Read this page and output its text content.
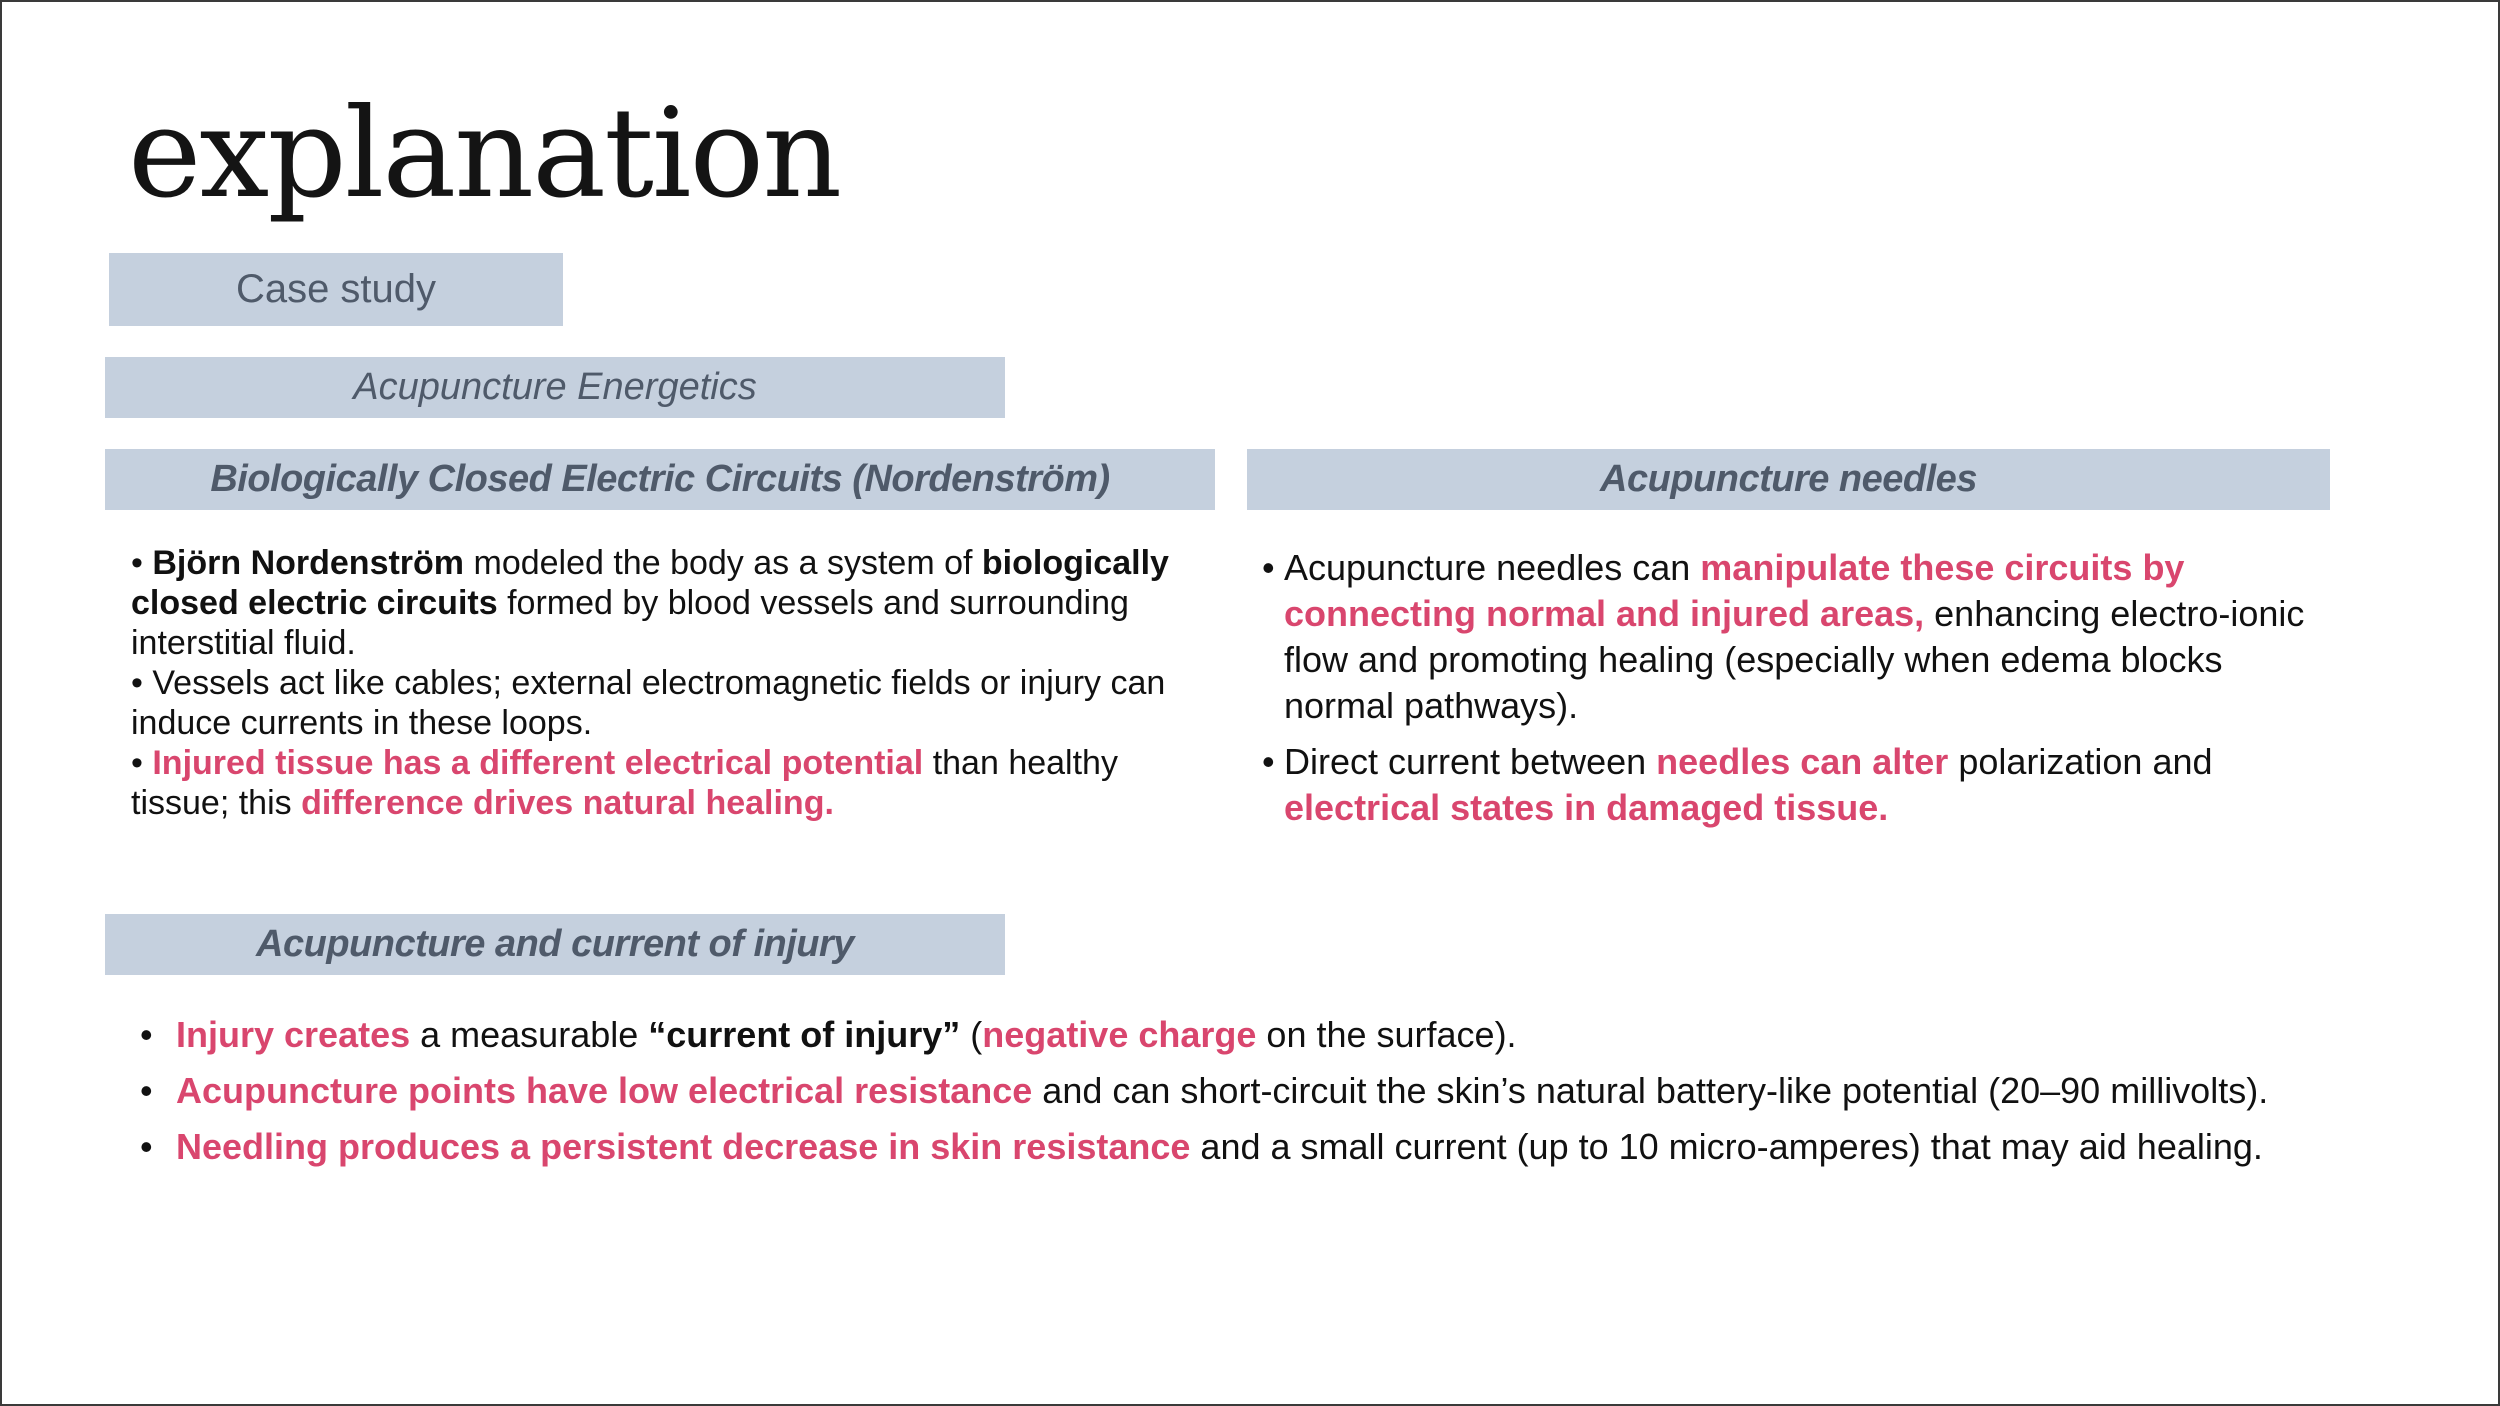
explanation
Case study
Acupuncture Energetics
Biologically Closed Electric Circuits (Nordenström)

• Björn Nordenström modeled the body as a system of biologically closed electric circuits formed by blood vessels and surrounding interstitial fluid.

• Vessels act like cables; external electromagnetic fields or injury can induce currents in these loops.

• Injured tissue has a different electrical potential than healthy tissue; this difference drives natural healing.

Acupuncture needles
• Acupuncture needles can manipulate these circuits by connecting normal and injured areas, enhancing electro-ionic flow and promoting healing (especially when edema blocks normal pathways).
• Direct current between needles can alter polarization and electrical states in damaged tissue.
Acupuncture and current of injury
• Injury creates a measurable “current of injury” (negative charge on the surface).
• Acupuncture points have low electrical resistance and can short-circuit the skin’s natural battery-like potential (20–90 millivolts).
• Needling produces a persistent decrease in skin resistance and a small current (up to 10 micro-amperes) that may aid healing.
